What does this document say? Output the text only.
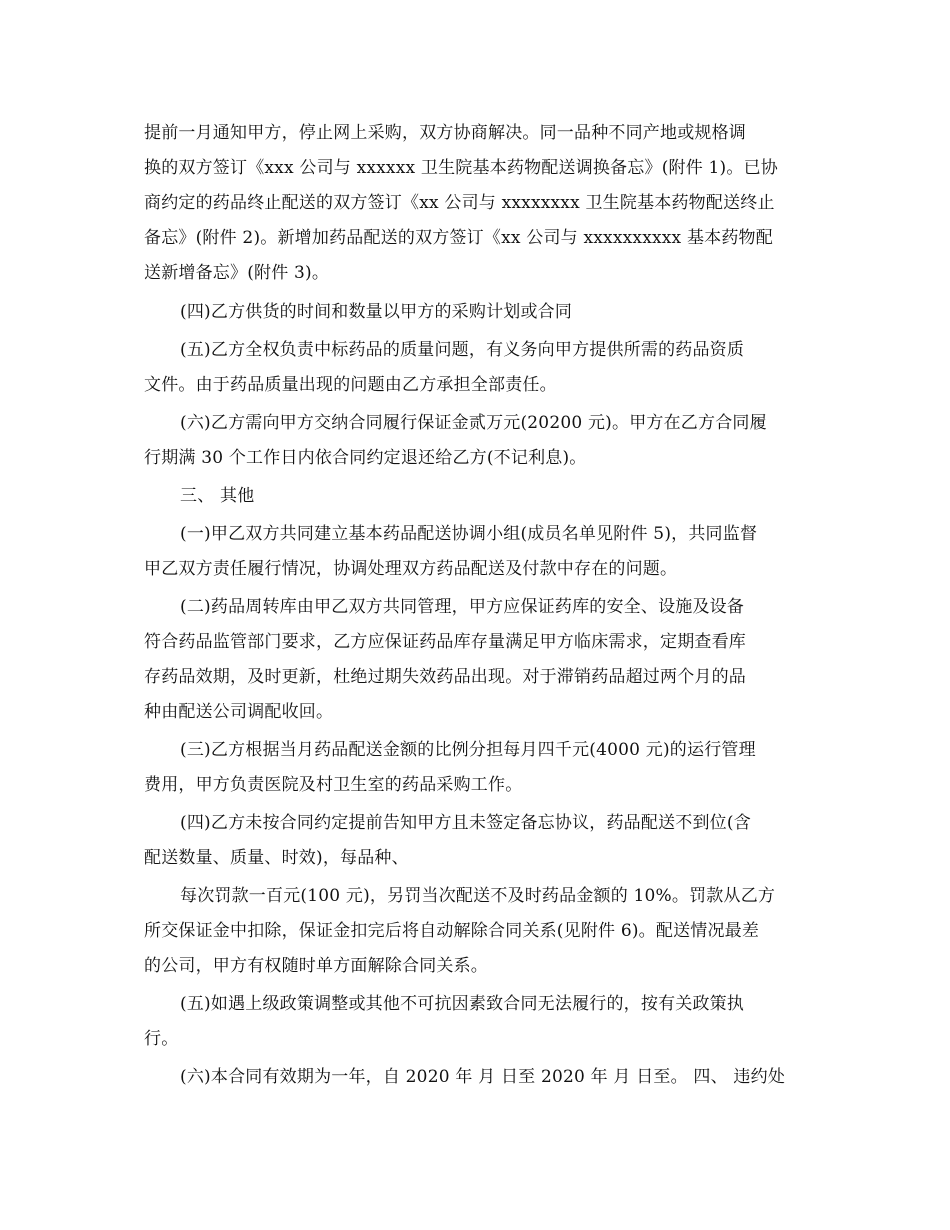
提前一月通知甲方，停止网上采购，双方协商解决。同一品种不同产地或规格调
换的双方签订《xxx 公司与 xxxxxx 卫生院基本药物配送调换备忘》(附件 1)。已协
商约定的药品终止配送的双方签订《xx 公司与 xxxxxxxx 卫生院基本药物配送终止
备忘》(附件 2)。新增加药品配送的双方签订《xx 公司与 xxxxxxxxxx 基本药物配
送新增备忘》(附件 3)。
(四)乙方供货的时间和数量以甲方的采购计划或合同
(五)乙方全权负责中标药品的质量问题，有义务向甲方提供所需的药品资质
文件。由于药品质量出现的问题由乙方承担全部责任。
(六)乙方需向甲方交纳合同履行保证金贰万元(20200 元)。甲方在乙方合同履
行期满 30 个工作日内依合同约定退还给乙方(不记利息)。
三、 其他
(一)甲乙双方共同建立基本药品配送协调小组(成员名单见附件 5)，共同监督
甲乙双方责任履行情况，协调处理双方药品配送及付款中存在的问题。
(二)药品周转库由甲乙双方共同管理，甲方应保证药库的安全、设施及设备
符合药品监管部门要求，乙方应保证药品库存量满足甲方临床需求，定期查看库
存药品效期，及时更新，杜绝过期失效药品出现。对于滞销药品超过两个月的品
种由配送公司调配收回。
(三)乙方根据当月药品配送金额的比例分担每月四千元(4000 元)的运行管理
费用，甲方负责医院及村卫生室的药品采购工作。
(四)乙方未按合同约定提前告知甲方且未签定备忘协议，药品配送不到位(含
配送数量、质量、时效)，每品种、
每次罚款一百元(100 元)，另罚当次配送不及时药品金额的 10%。罚款从乙方
所交保证金中扣除，保证金扣完后将自动解除合同关系(见附件 6)。配送情况最差
的公司，甲方有权随时单方面解除合同关系。
(五)如遇上级政策调整或其他不可抗因素致合同无法履行的，按有关政策执
行。
(六)本合同有效期为一年，自 2020 年 月 日至 2020 年 月 日至。 四、 违约处
